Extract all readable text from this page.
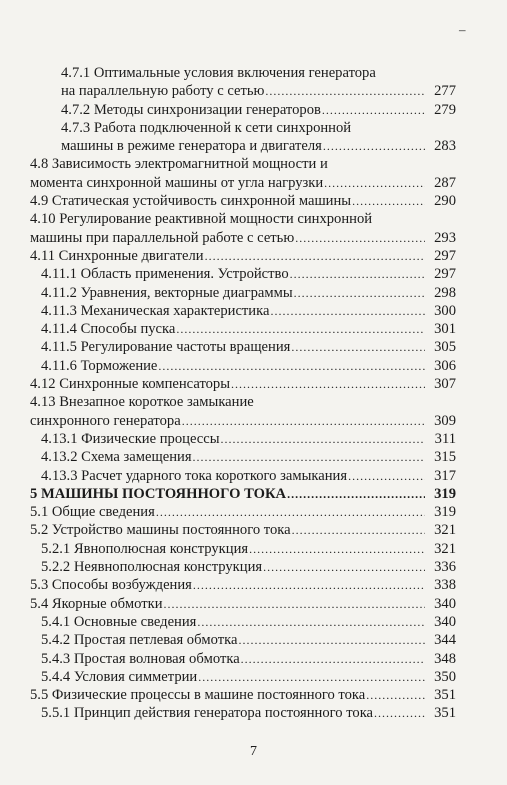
–
4.7.1 Оптимальные условия включения генератора
на параллельную работу с сетью .....	277
4.7.2 Методы синхронизации генераторов .....	279
4.7.3 Работа подключенной к сети синхронной
машины в режиме генератора и двигателя .....	283
4.8 Зависимость электромагнитной мощности и
момента синхронной машины от угла нагрузки .....	287
4.9 Статическая устойчивость синхронной машины .....	290
4.10 Регулирование реактивной мощности синхронной
машины при параллельной работе с сетью .....	293
4.11 Синхронные двигатели .....	297
4.11.1 Область применения. Устройство .....	297
4.11.2 Уравнения, векторные диаграммы .....	298
4.11.3 Механическая характеристика .....	300
4.11.4 Способы пуска .....	301
4.11.5 Регулирование частоты вращения .....	305
4.11.6 Торможение .....	306
4.12 Синхронные компенсаторы .....	307
4.13 Внезапное короткое замыкание
синхронного генератора .....	309
4.13.1 Физические процессы .....	311
4.13.2 Схема замещения .....	315
4.13.3 Расчет ударного тока короткого замыкания .....	317
5 МАШИНЫ ПОСТОЯННОГО ТОКА .....	319
5.1 Общие сведения .....	319
5.2 Устройство машины постоянного тока .....	321
5.2.1 Явнополюсная конструкция .....	321
5.2.2 Неявнополюсная конструкция .....	336
5.3 Способы возбуждения .....	338
5.4 Якорные обмотки .....	340
5.4.1 Основные сведения .....	340
5.4.2 Простая петлевая обмотка .....	344
5.4.3 Простая волновая обмотка .....	348
5.4.4 Условия симметрии .....	350
5.5 Физические процессы в машине постоянного тока .....	351
5.5.1 Принцип действия генератора постоянного тока .....	351
7
